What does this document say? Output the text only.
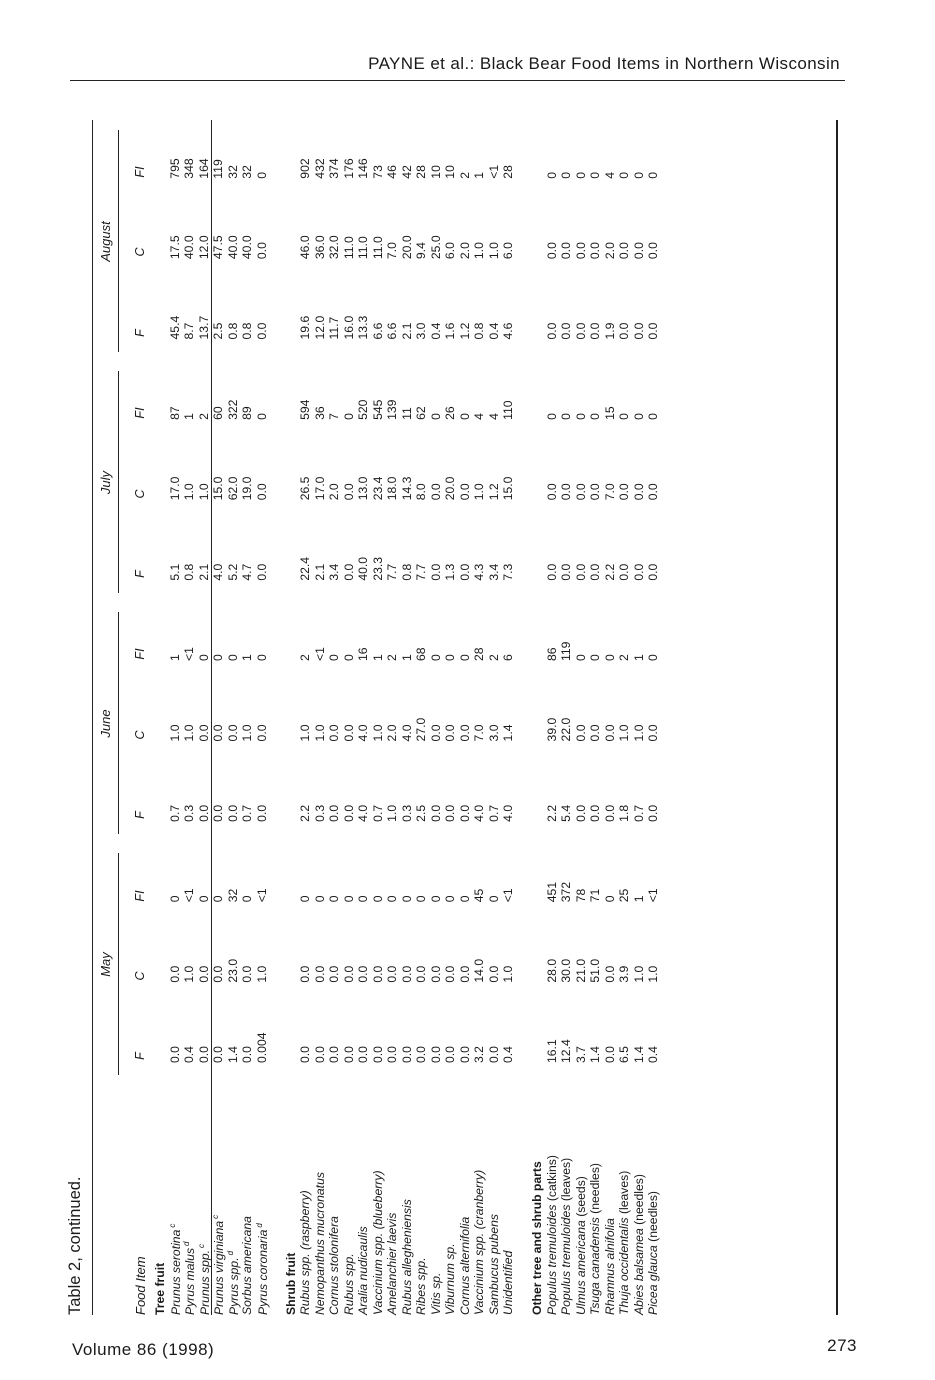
PAYNE et al.: Black Bear Food Items in Northern Wisconsin
Table 2, continued.
May
June
July
August
Food Item
F
C
FI
F
C
FI
F
C
FI
F
C
FI
Tree fruit Prunus serotina$^c$
0.0
0.0
0
0.7
1.0
1
5.1
17.0
87
45.4
17.5
795
Pyrus malus$^d$
0.4
1.0
<1
0.3
1.0
<1
0.8
1.0
1
8.7
40.0
348
Prunus spp.$^c$
0.0
0.0
0
0.0
0.0
0
2.1
1.0
2
13.7
12.0
164
Prunus virginiana$^c$
0.0
0.0
0
0.0
0.0
0
4.0
15.0
60
2.5
47.5
119
Pyrus spp.$^d$
1.4
23.0
32
0.0
0.0
0
5.2
62.0
322
0.8
40.0
32
Sorbus americana
0.0
0.0
0
0.7
1.0
1
4.7
19.0
89
0.8
40.0
32
Pyrus coronaria$^d$
0.004
1.0
<1
0.0
0.0
0
0.0
0.0
0
0.0
0.0
0
Shrub fruit Rubus spp. (raspberry)
0.0
0.0
0
2.2
1.0
2
22.4
26.5
594
19.6
46.0
902
Nemopanthus mucronatus
0.0
0.0
0
0.3
1.0
<1
2.1
17.0
36
12.0
36.0
432
Cornus stolonifera
0.0
0.0
0
0.0
0.0
0
3.4
2.0
7
11.7
32.0
374
Rubus spp.
0.0
0.0
0
0.0
0.0
0
0.0
0.0
0
16.0
11.0
176
Aralia nudicaulis
0.0
0.0
0
4.0
4.0
16
40.0
13.0
520
13.3
11.0
146
Vaccinium spp. (blueberry)
0.0
0.0
0
0.7
1.0
1
23.3
23.4
545
6.6
11.0
73
Amelanchier laevis
0.0
0.0
0
1.0
2.0
2
7.7
18.0
139
6.6
7.0
46
Rubus allegheniensis
0.0
0.0
0
0.3
4.0
1
0.8
14.3
11
2.1
20.0
42
Ribes spp.
0.0
0.0
0
2.5
27.0
68
7.7
8.0
62
3.0
9.4
28
Vitis sp.
0.0
0.0
0
0.0
0.0
0
0.0
0.0
0
0.4
25.0
10
Viburnum sp.
0.0
0.0
0
0.0
0.0
0
1.3
20.0
26
1.6
6.0
10
Cornus alternifolia
0.0
0.0
0
0.0
0.0
0
0.0
0.0
0
1.2
2.0
2
Vaccinium spp. (cranberry)
3.2
14.0
45
4.0
7.0
28
4.3
1.0
4
0.8
1.0
1
Sambucus pubens
0.0
0.0
0
0.7
3.0
2
3.4
1.2
4
0.4
1.0
<1
Unidentified
0.4
1.0
<1
4.0
1.4
6
7.3
15.0
110
4.6
6.0
28
Other tree and shrub parts Populus tremuloides (catkins)
16.1
28.0
451
2.2
39.0
86
0.0
0.0
0
0.0
0.0
0
Populus tremuloides (leaves)
12.4
30.0
372
5.4
22.0
119
0.0
0.0
0
0.0
0.0
0
Ulmus americana (seeds)
3.7
21.0
78
0.0
0.0
0
0.0
0.0
0
0.0
0.0
0
Tsuga canadensis (needles)
1.4
51.0
71
0.0
0.0
0
0.0
0.0
0
0.0
0.0
0
Rhamnus alnifolia
0.0
0.0
0
0.0
0.0
0
2.2
7.0
15
1.9
2.0
4
Thuja occidentalis (leaves)
6.5
3.9
25
1.8
1.0
2
0.0
0.0
0
0.0
0.0
0
Abies balsamea (needles)
1.4
1.0
1
0.7
1.0
1
0.0
0.0
0
0.0
0.0
0
Picea glauca (needles)
0.4
1.0
<1
0.0
0.0
0
0.0
0.0
0
0.0
0.0
0
Volume 86 (1998)	273
